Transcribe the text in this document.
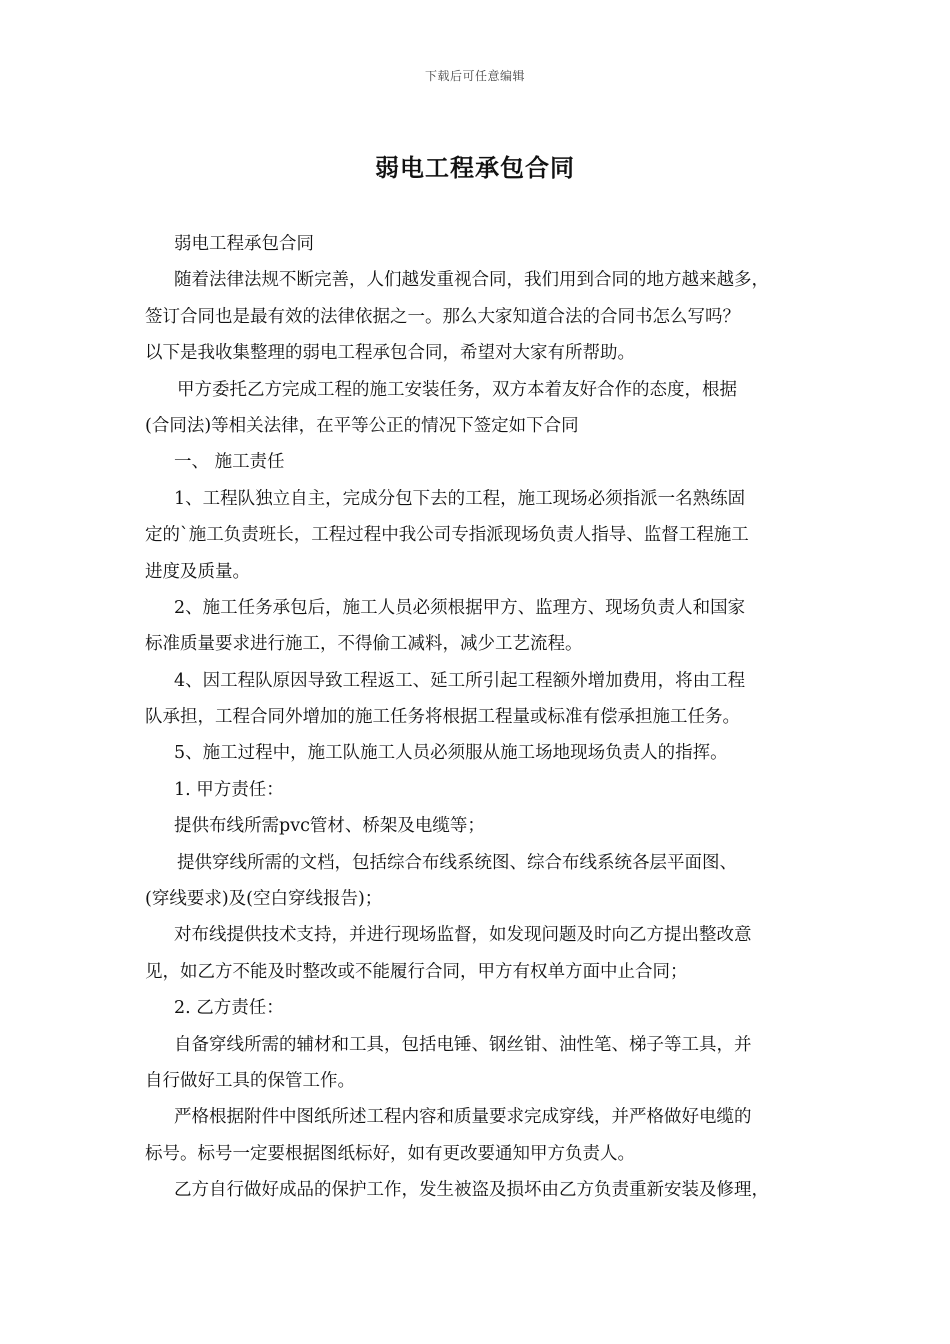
下载后可任意编辑
弱电工程承包合同
弱电工程承包合同
随着法律法规不断完善，人们越发重视合同，我们用到合同的地方越来越多，
签订合同也是最有效的法律依据之一。那么大家知道合法的合同书怎么写吗？
以下是我收集整理的弱电工程承包合同，希望对大家有所帮助。
甲方委托乙方完成工程的施工安装任务，双方本着友好合作的态度，根据
(合同法)等相关法律，在平等公正的情况下签定如下合同
一、 施工责任
1、工程队独立自主，完成分包下去的工程，施工现场必须指派一名熟练固
定的`施工负责班长，工程过程中我公司专指派现场负责人指导、监督工程施工
进度及质量。
2、施工任务承包后，施工人员必须根据甲方、监理方、现场负责人和国家
标准质量要求进行施工，不得偷工减料，减少工艺流程。
4、因工程队原因导致工程返工、延工所引起工程额外增加费用，将由工程
队承担，工程合同外增加的施工任务将根据工程量或标准有偿承担施工任务。
5、施工过程中，施工队施工人员必须服从施工场地现场负责人的指挥。
1. 甲方责任：
提供布线所需pvc管材、桥架及电缆等；
提供穿线所需的文档，包括综合布线系统图、综合布线系统各层平面图、
(穿线要求)及(空白穿线报告)；
对布线提供技术支持，并进行现场监督，如发现问题及时向乙方提出整改意
见，如乙方不能及时整改或不能履行合同，甲方有权单方面中止合同；
2. 乙方责任：
自备穿线所需的辅材和工具，包括电锤、钢丝钳、油性笔、梯子等工具，并
自行做好工具的保管工作。
严格根据附件中图纸所述工程内容和质量要求完成穿线，并严格做好电缆的
标号。标号一定要根据图纸标好，如有更改要通知甲方负责人。
乙方自行做好成品的保护工作，发生被盗及损坏由乙方负责重新安装及修理，
